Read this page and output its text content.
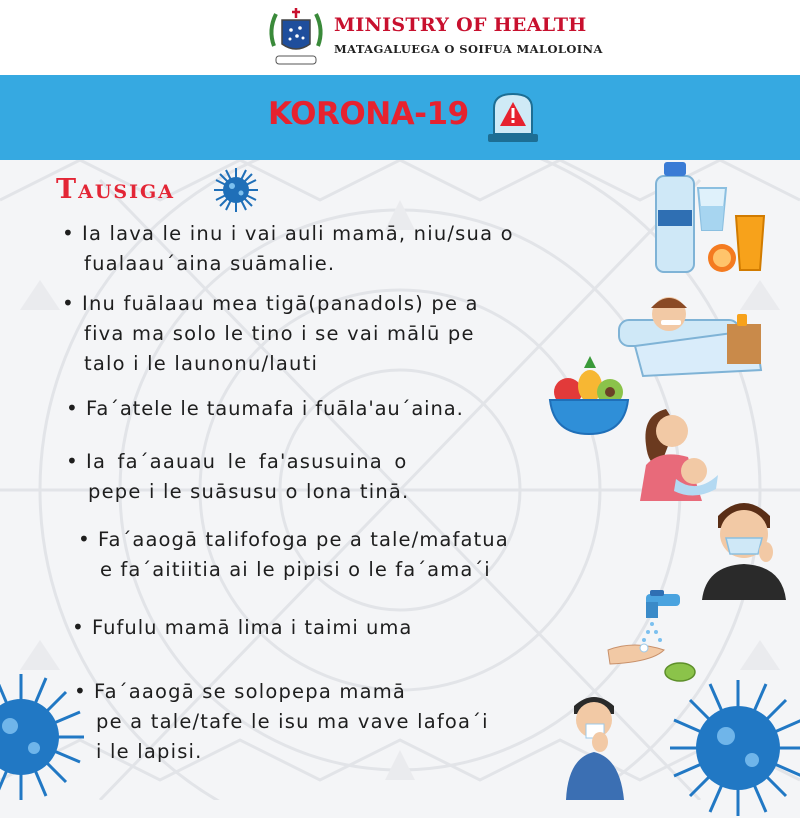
MINISTRY OF HEALTH
MATAGALUEGA O SOIFUA MALOLOINA
KORONA-19
Tausiga
• Ia lava le inu i vai auli mamā, niu/sua o
fualaau´aina suāmalie.
• Inu fuālaau mea tigā(panadols) pe a
fiva ma solo le tino i se vai mālū pe
talo i le launonu/lauti
• Fa´atele le taumafa i fuāla'au´aina.
• Ia fa´aauau le fa'asusuina o
pepe i le suāsusu o lona tinā.
• Fa´aaogā talifofoga pe a tale/mafatua
e fa´aitiitia ai le pipisi o le fa´ama´i
• Fufulu mamā lima i taimi uma
• Fa´aaogā se solopepa mamā
pe a tale/tafe le isu ma vave lafoa´i
i le lapisi.
